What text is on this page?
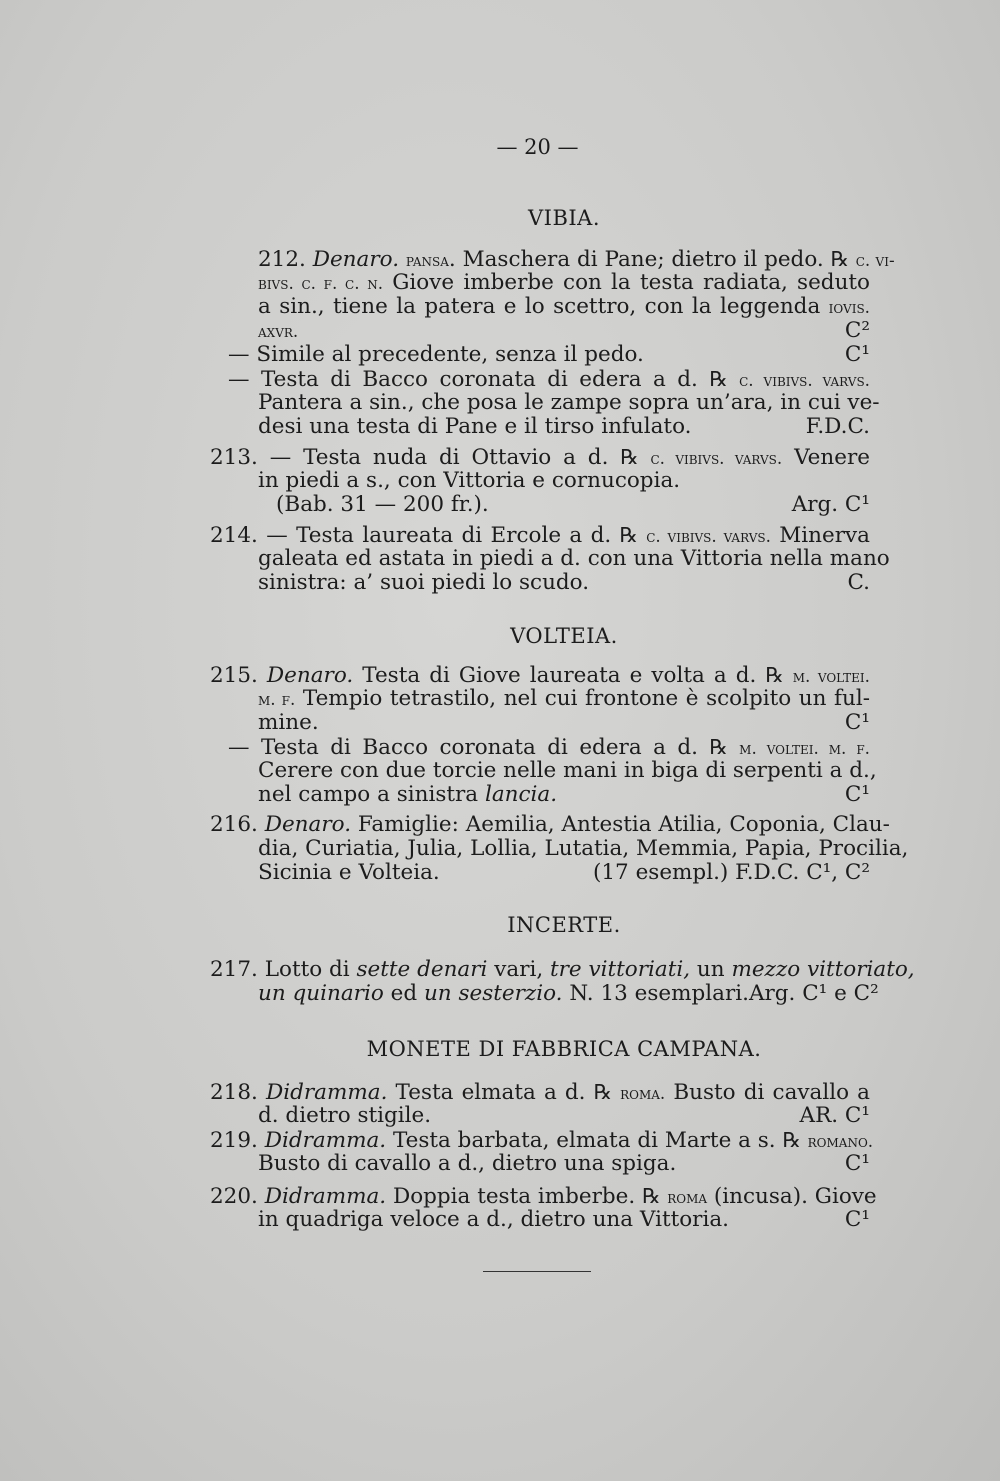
— 20 —
VIBIA.
212. Denaro. pansa. Maschera di Pane; dietro il pedo. ℞ c. vi-
bivs. c. f. c. n. Giove imberbe con la testa radiata, seduto
a sin., tiene la patera e lo scettro, con la leggenda iovis.
axvr.	C²
— Simile al precedente, senza il pedo.	C¹
— Testa di Bacco coronata di edera a d. ℞ c. vibivs. varvs.
Pantera a sin., che posa le zampe sopra un’ara, in cui ve-
desi una testa di Pane e il tirso infulato.	F.D.C.
213. — Testa nuda di Ottavio a d. ℞ c. vibivs. varvs. Venere
in piedi a s., con Vittoria e cornucopia.
(Bab. 31 — 200 fr.).	Arg. C¹
214. — Testa laureata di Ercole a d. ℞ c. vibivs. varvs. Minerva
galeata ed astata in piedi a d. con una Vittoria nella mano
sinistra: a’ suoi piedi lo scudo.	C.
VOLTEIA.
215. Denaro. Testa di Giove laureata e volta a d. ℞ m. voltei.
m. f. Tempio tetrastilo, nel cui frontone è scolpito un ful-
mine.	C¹
— Testa di Bacco coronata di edera a d. ℞ m. voltei. m. f.
Cerere con due torcie nelle mani in biga di serpenti a d.,
nel campo a sinistra lancia.	C¹
216. Denaro. Famiglie: Aemilia, Antestia Atilia, Coponia, Clau-
dia, Curiatia, Julia, Lollia, Lutatia, Memmia, Papia, Procilia,
Sicinia e Volteia.	(17 esempl.) F.D.C. C¹, C²
INCERTE.
217. Lotto di sette denari vari, tre vittoriati, un mezzo vittoriato,
un quinario ed un sesterzio. N. 13 esemplari. Arg. C¹ e C²
MONETE DI FABBRICA CAMPANA.
218. Didramma. Testa elmata a d. ℞ roma. Busto di cavallo a
d. dietro stigile.	AR. C¹
219. Didramma. Testa barbata, elmata di Marte a s. ℞ romano.
Busto di cavallo a d., dietro una spiga.	C¹
220. Didramma. Doppia testa imberbe. ℞ roma (incusa). Giove
in quadriga veloce a d., dietro una Vittoria.	C¹
